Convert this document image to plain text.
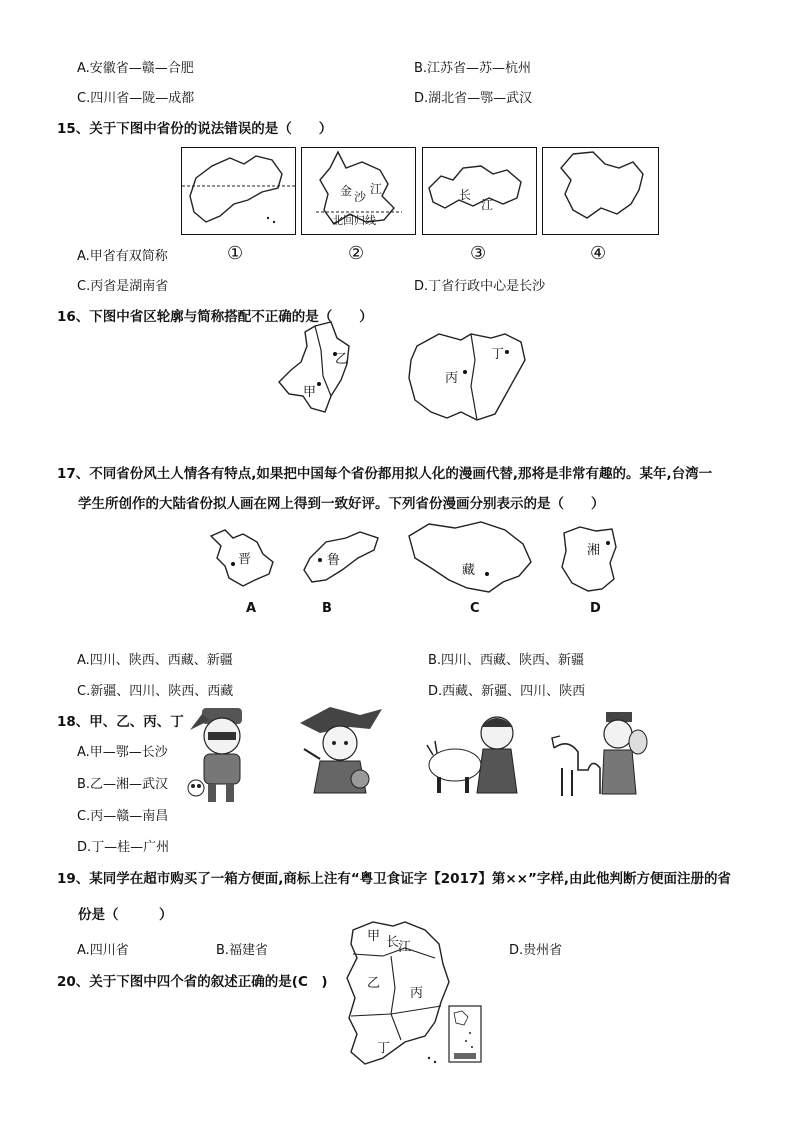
A.安徽省—赣—合肥	B.江苏省—苏—杭州
C.四川省—陇—成都	D.湖北省—鄂—武汉
15、关于下图中省份的说法错误的是（　　）
金 沙
江
北回归线
长
江
A.甲省有双简称	①	②	③	④
C.丙省是湖南省	D.丁省行政中心是长沙
16、下图中省区轮廓与简称搭配不正确的是（　　）
乙
甲
丁
丙
17、不同省份风土人情各有特点,如果把中国每个省份都用拟人化的漫画代替,那将是非常有趣的。某年,台湾一
学生所创作的大陆省份拟人画在网上得到一致好评。下列省份漫画分别表示的是（　　）
晋	鲁
藏
湘
A	B	C	D
A.四川、陕西、西藏、新疆	B.四川、西藏、陕西、新疆
C.新疆、四川、陕西、西藏	D.西藏、新疆、四川、陕西
18、甲、乙、丙、丁
A.甲—鄂—长沙
B.乙—湘—武汉
C.丙—赣—南昌
D.丁—桂—广州
19、某同学在超市购买了一箱方便面,商标上注有“粤卫食证字【2017】第××”字样,由此他判断方便面注册的省
份是（　　　）
A.四川省	B.福建省	D.贵州省
甲 长
江
乙
丙
丁
20、关于下图中四个省的叙述正确的是(C　)
